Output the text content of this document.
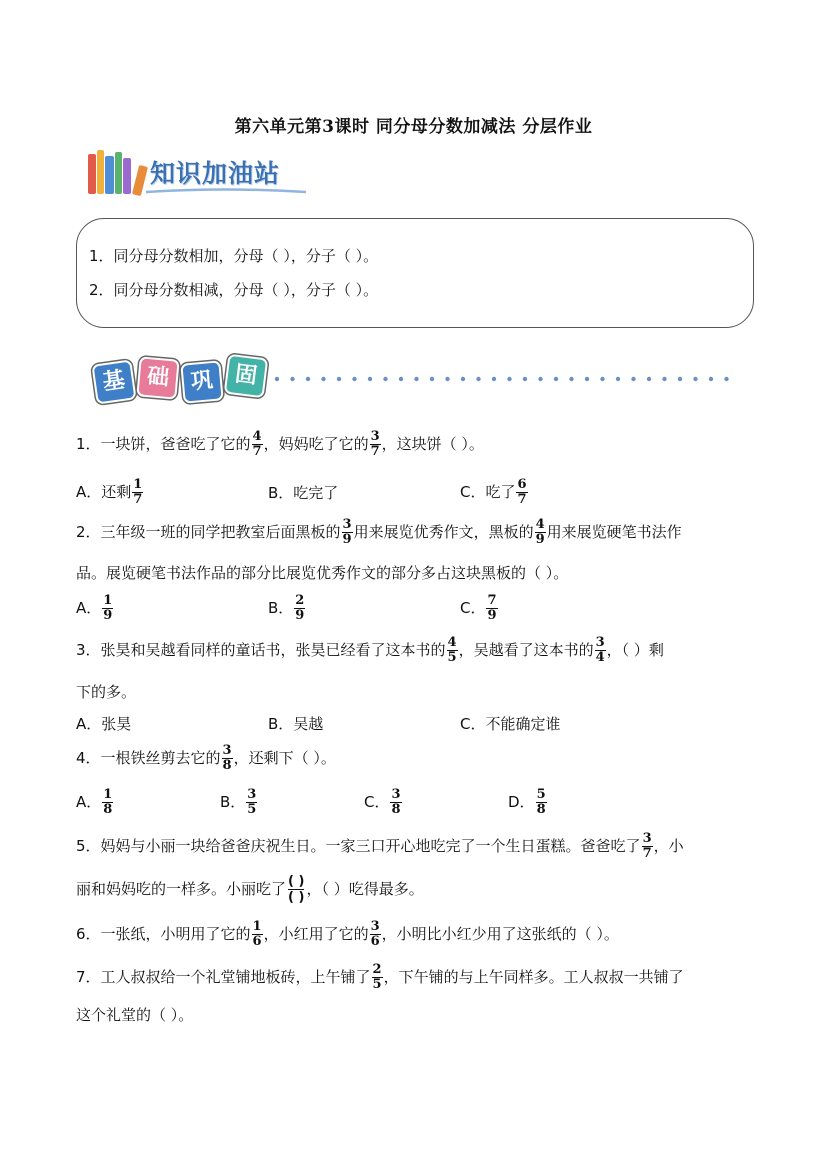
第六单元第3课时 同分母分数加减法 分层作业
知识加油站
1．同分母分数相加，分母（ ），分子（ ）。
2．同分母分数相减，分母（ ），分子（ ）。
基 础 巩 固
1．一块饼，爸爸吃了它的 $\frac{4}{7}$ ，妈妈吃了它的 $\frac{3}{7}$ ，这块饼（ ）。
A．还剩 $\frac{1}{7}$	B．吃完了	C．吃了 $\frac{6}{7}$
2．三年级一班的同学把教室后面黑板的 $\frac{3}{9}$ 用来展览优秀作文，黑板的 $\frac{4}{9}$ 用来展览硬笔书法作
品。展览硬笔书法作品的部分比展览优秀作文的部分多占这块黑板的（ ）。
A． $\frac{1}{9}$	B． $\frac{2}{9}$	C． $\frac{7}{9}$
3．张昊和吴越看同样的童话书，张昊已经看了这本书的 $\frac{4}{5}$ ，吴越看了这本书的 $\frac{3}{4}$ ，（ ）剩
下的多。
A．张昊	B．吴越	C．不能确定谁
4．一根铁丝剪去它的 $\frac{3}{8}$ ，还剩下（ ）。
A． $\frac{1}{8}$	B． $\frac{3}{5}$	C． $\frac{3}{8}$	D． $\frac{5}{8}$
5．妈妈与小丽一块给爸爸庆祝生日。一家三口开心地吃完了一个生日蛋糕。爸爸吃了 $\frac{3}{7}$ ，小
丽和妈妈吃的一样多。小丽吃了 ( )
( ) ，（ ）吃得最多。
6．一张纸，小明用了它的 $\frac{1}{6}$ ，小红用了它的 $\frac{3}{6}$ ，小明比小红少用了这张纸的（ ）。
7．工人叔叔给一个礼堂铺地板砖，上午铺了 $\frac{2}{5}$ ，下午铺的与上午同样多。工人叔叔一共铺了
这个礼堂的（ ）。
